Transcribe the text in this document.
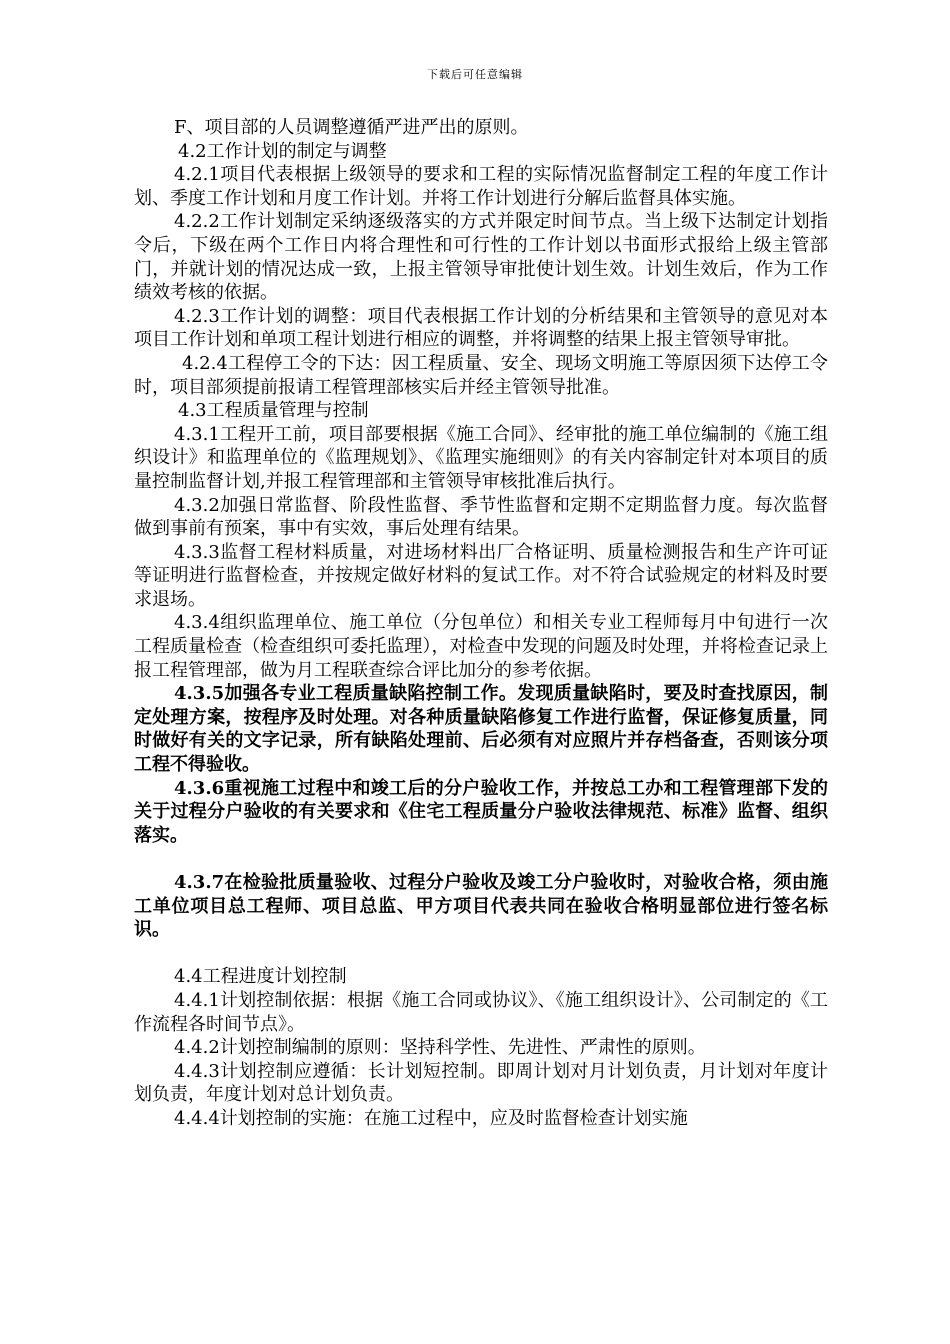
下载后可任意编辑

F、项目部的人员调整遵循严进严出的原则。

4.2工作计划的制定与调整

4.2.1项目代表根据上级领导的要求和工程的实际情况监督制定工程的年度工作计划、季度工作计划和月度工作计划。并将工作计划进行分解后监督具体实施。

4.2.2工作计划制定采纳逐级落实的方式并限定时间节点。当上级下达制定计划指令后，下级在两个工作日内将合理性和可行性的工作计划以书面形式报给上级主管部门，并就计划的情况达成一致，上报主管领导审批使计划生效。计划生效后，作为工作绩效考核的依据。

4.2.3工作计划的调整：项目代表根据工作计划的分析结果和主管领导的意见对本项目工作计划和单项工程计划进行相应的调整，并将调整的结果上报主管领导审批。

4.2.4工程停工令的下达：因工程质量、安全、现场文明施工等原因须下达停工令时，项目部须提前报请工程管理部核实后并经主管领导批准。

4.3工程质量管理与控制

4.3.1工程开工前，项目部要根据《施工合同》、经审批的施工单位编制的《施工组织设计》和监理单位的《监理规划》、《监理实施细则》的有关内容制定针对本项目的质量控制监督计划,并报工程管理部和主管领导审核批准后执行。

4.3.2加强日常监督、阶段性监督、季节性监督和定期不定期监督力度。每次监督做到事前有预案，事中有实效，事后处理有结果。

4.3.3监督工程材料质量，对进场材料出厂合格证明、质量检测报告和生产许可证等证明进行监督检查，并按规定做好材料的复试工作。对不符合试验规定的材料及时要求退场。

4.3.4组织监理单位、施工单位（分包单位）和相关专业工程师每月中旬进行一次工程质量检查（检查组织可委托监理），对检查中发现的问题及时处理，并将检查记录上报工程管理部，做为月工程联查综合评比加分的参考依据。

4.3.5加强各专业工程质量缺陷控制工作。发现质量缺陷时，要及时查找原因，制定处理方案，按程序及时处理。对各种质量缺陷修复工作进行监督，保证修复质量，同时做好有关的文字记录，所有缺陷处理前、后必须有对应照片并存档备查，否则该分项工程不得验收。

4.3.6重视施工过程中和竣工后的分户验收工作，并按总工办和工程管理部下发的关于过程分户验收的有关要求和《住宅工程质量分户验收法律规范、标准》监督、组织落实。

4.3.7在检验批质量验收、过程分户验收及竣工分户验收时，对验收合格，须由施工单位项目总工程师、项目总监、甲方项目代表共同在验收合格明显部位进行签名标识。

4.4工程进度计划控制

4.4.1计划控制依据：根据《施工合同或协议》、《施工组织设计》、公司制定的《工作流程各时间节点》。

4.4.2计划控制编制的原则：坚持科学性、先进性、严肃性的原则。

4.4.3计划控制应遵循：长计划短控制。即周计划对月计划负责，月计划对年度计划负责，年度计划对总计划负责。

4.4.4计划控制的实施：在施工过程中，应及时监督检查计划实施
